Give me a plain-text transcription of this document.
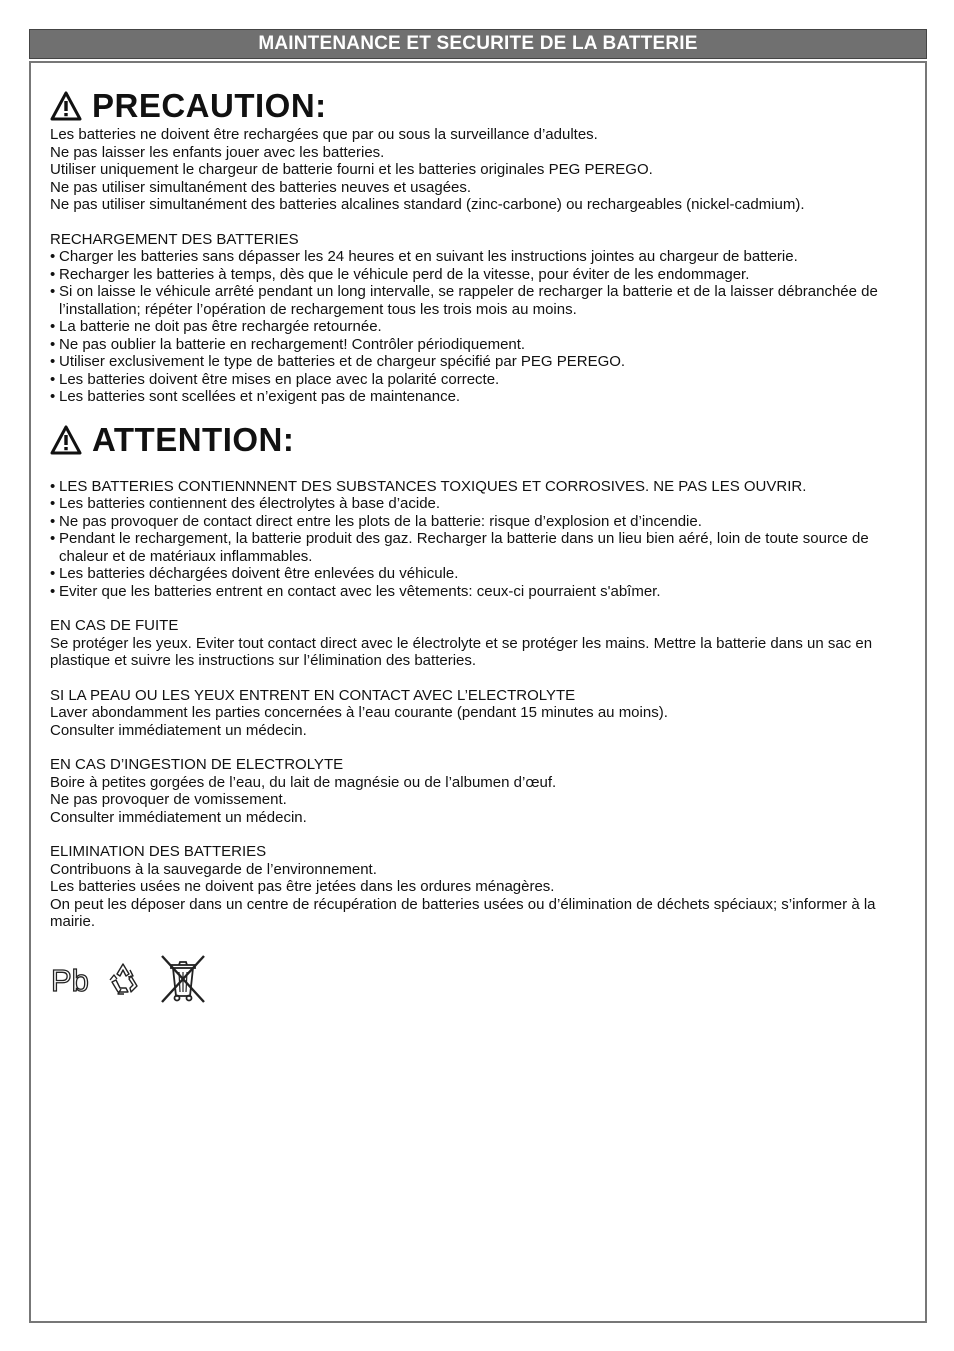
MAINTENANCE ET SECURITE DE LA BATTERIE
PRECAUTION:

Les batteries ne doivent être rechargées que par ou sous la surveillance d’adultes.

Ne pas laisser les enfants jouer avec les batteries.

Utiliser uniquement le chargeur de batterie fourni et les batteries originales PEG PEREGO.

Ne pas utiliser simultanément des batteries neuves et usagées.

Ne pas utiliser simultanément des batteries alcalines standard (zinc-carbone) ou rechargeables (nickel-cadmium).

RECHARGEMENT DES BATTERIES

• Charger les batteries sans dépasser les 24 heures et en suivant les instructions jointes au chargeur de batterie.
• Recharger les batteries à temps, dès que le véhicule perd de la vitesse, pour éviter de les endommager.
• Si on laisse le véhicule arrêté pendant un long intervalle, se rappeler de recharger la batterie et de la laisser débranchée de l’installation; répéter l’opération de rechargement tous les trois mois au moins.
• La batterie ne doit pas être rechargée retournée.
• Ne pas oublier la batterie en rechargement! Contrôler périodiquement.
• Utiliser exclusivement le type de batteries et de chargeur spécifié par PEG PEREGO.
• Les batteries doivent être mises en place avec la polarité correcte.
• Les batteries sont scellées et n’exigent pas de maintenance.
ATTENTION:
• LES BATTERIES CONTIENNNENT DES SUBSTANCES TOXIQUES ET CORROSIVES. NE PAS LES OUVRIR.
• Les batteries contiennent des électrolytes à base d’acide.
• Ne pas provoquer de contact direct entre les plots de la batterie: risque d’explosion et d’incendie.
• Pendant le rechargement, la batterie produit des gaz. Recharger la batterie dans un lieu bien aéré, loin de toute source de chaleur et de matériaux inflammables.
• Les batteries déchargées doivent être enlevées du véhicule.
• Eviter que les batteries entrent en contact avec les vêtements: ceux-ci pourraient s'abîmer.

EN CAS DE FUITE

Se protéger les yeux. Eviter tout contact direct avec le électrolyte et se protéger les mains. Mettre la batterie dans un sac en plastique et suivre les instructions sur l’élimination des batteries.

SI LA PEAU OU LES YEUX ENTRENT EN CONTACT AVEC L’ELECTROLYTE

Laver abondamment les parties concernées à l’eau courante (pendant 15 minutes au moins).

Consulter immédiatement un médecin.

EN CAS D’INGESTION DE ELECTROLYTE

Boire à petites gorgées de l’eau, du lait de magnésie ou de l’albumen d’œuf.

Ne pas provoquer de vomissement.

Consulter immédiatement un médecin.

ELIMINATION DES BATTERIES

Contribuons à la sauvegarde de l’environnement.

Les batteries usées ne doivent pas être jetées dans les ordures ménagères.

On peut les déposer dans un centre de récupération de batteries usées ou d’élimination de déchets spéciaux; s’informer à la mairie.

Pb
